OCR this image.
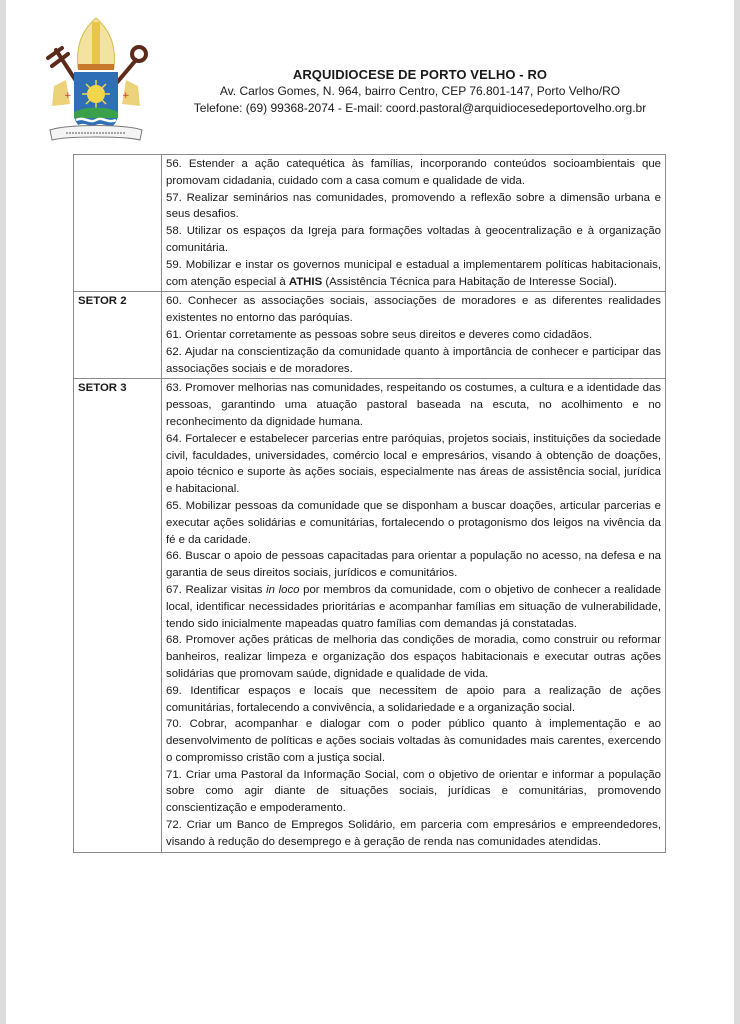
+	+
ARQUIDIOCESE DE PORTO VELHO - RO
Av. Carlos Gomes, N. 964, bairro Centro, CEP 76.801-147, Porto Velho/RO
Telefone: (69) 99368-2074 - E-mail: coord.pastoral@arquidiocesedeportovelho.org.br

	56. Estender a ação catequética às famílias, incorporando conteúdos socioambientais que promovam cidadania, cuidado com a casa comum e qualidade de vida.
57. Realizar seminários nas comunidades, promovendo a reflexão sobre a dimensão urbana e seus desafios.
58. Utilizar os espaços da Igreja para formações voltadas à geocentralização e à organização comunitária.
59. Mobilizar e instar os governos municipal e estadual a implementarem políticas habitacionais, com atenção especial à ATHIS (Assistência Técnica para Habitação de Interesse Social).

SETOR 2	60. Conhecer as associações sociais, associações de moradores e as diferentes realidades existentes no entorno das paróquias.
61. Orientar corretamente as pessoas sobre seus direitos e deveres como cidadãos.
62. Ajudar na conscientização da comunidade quanto à importância de conhecer e participar das associações sociais e de moradores.

SETOR 3	63. Promover melhorias nas comunidades, respeitando os costumes, a cultura e a identidade das pessoas, garantindo uma atuação pastoral baseada na escuta, no acolhimento e no reconhecimento da dignidade humana.
64. Fortalecer e estabelecer parcerias entre paróquias, projetos sociais, instituições da sociedade civil, faculdades, universidades, comércio local e empresários, visando à obtenção de doações, apoio técnico e suporte às ações sociais, especialmente nas áreas de assistência social, jurídica e habitacional.
65. Mobilizar pessoas da comunidade que se disponham a buscar doações, articular parcerias e executar ações solidárias e comunitárias, fortalecendo o protagonismo dos leigos na vivência da fé e da caridade.
66. Buscar o apoio de pessoas capacitadas para orientar a população no acesso, na defesa e na garantia de seus direitos sociais, jurídicos e comunitários.
67. Realizar visitas in loco por membros da comunidade, com o objetivo de conhecer a realidade local, identificar necessidades prioritárias e acompanhar famílias em situação de vulnerabilidade, tendo sido inicialmente mapeadas quatro famílias com demandas já constatadas.
68. Promover ações práticas de melhoria das condições de moradia, como construir ou reformar banheiros, realizar limpeza e organização dos espaços habitacionais e executar outras ações solidárias que promovam saúde, dignidade e qualidade de vida.
69. Identificar espaços e locais que necessitem de apoio para a realização de ações comunitárias, fortalecendo a convivência, a solidariedade e a organização social.
70. Cobrar, acompanhar e dialogar com o poder público quanto à implementação e ao desenvolvimento de políticas e ações sociais voltadas às comunidades mais carentes, exercendo o compromisso cristão com a justiça social.
71. Criar uma Pastoral da Informação Social, com o objetivo de orientar e informar a população sobre como agir diante de situações sociais, jurídicas e comunitárias, promovendo conscientização e empoderamento.
72. Criar um Banco de Empregos Solidário, em parceria com empresários e empreendedores, visando à redução do desemprego e à geração de renda nas comunidades atendidas.
